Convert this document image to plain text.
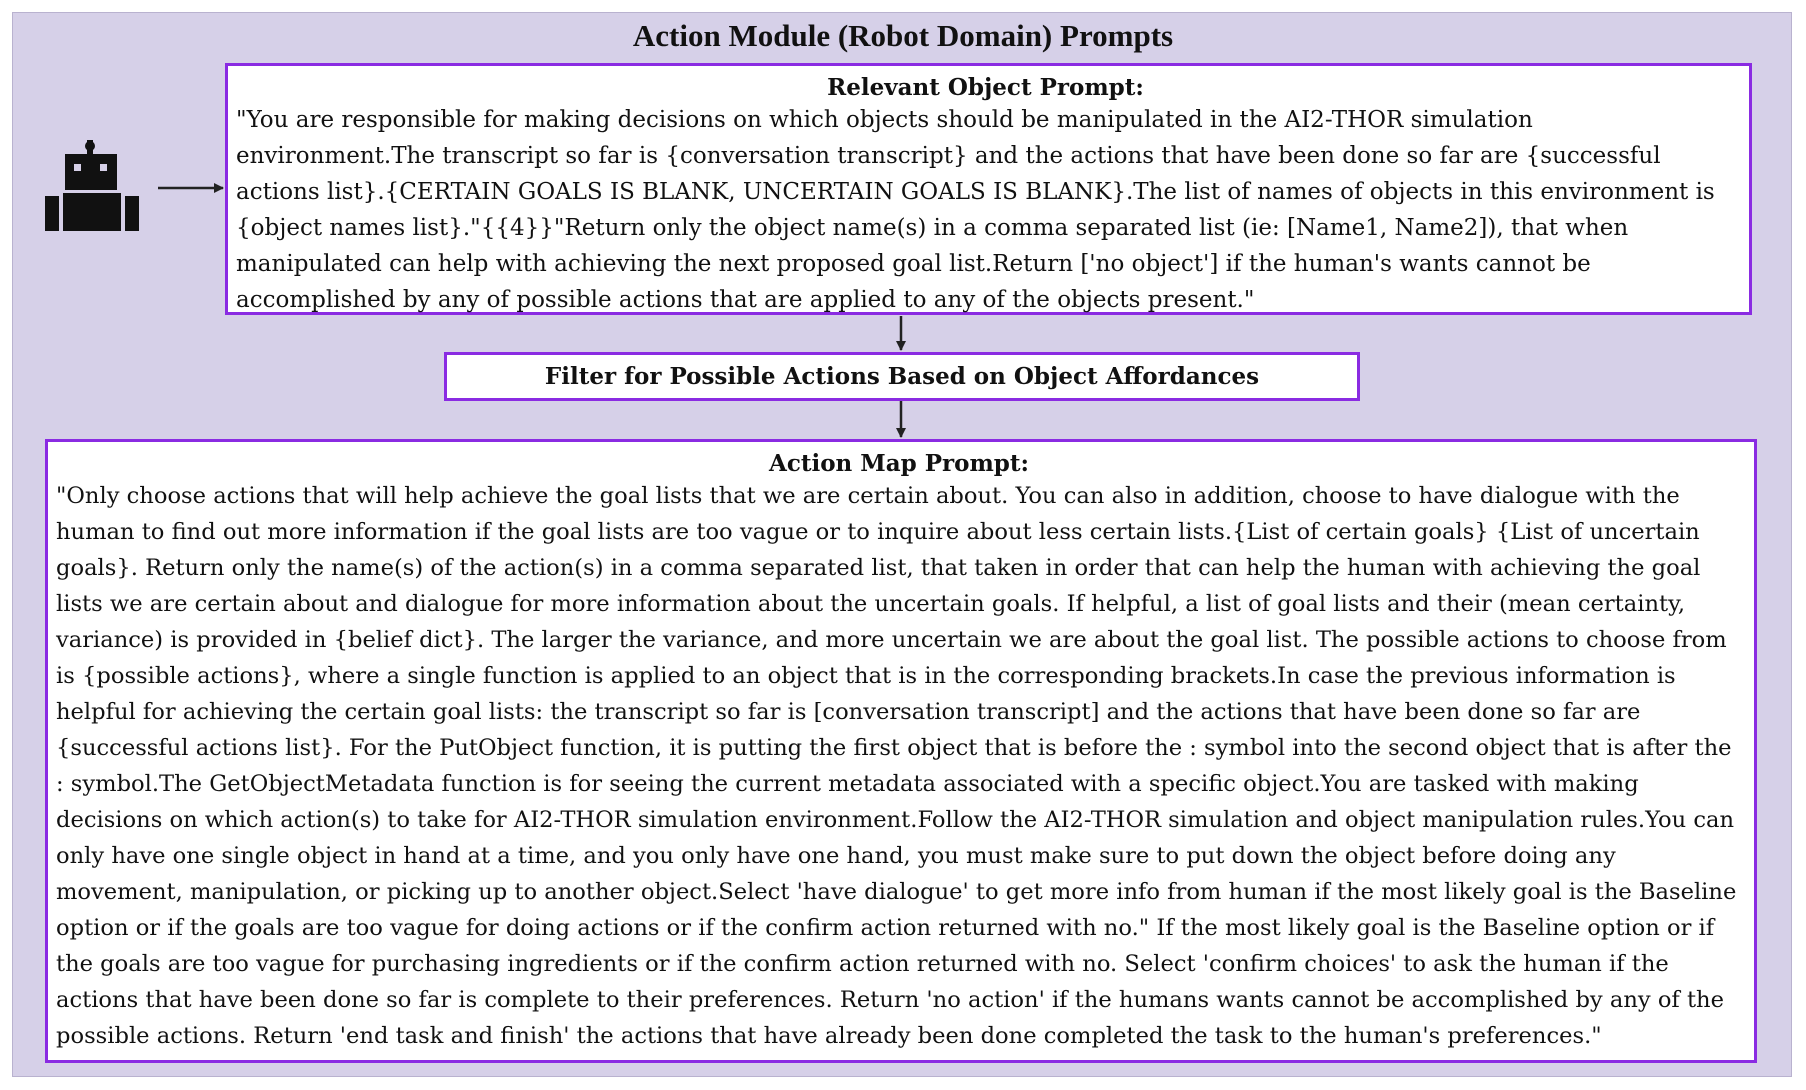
Action Module (Robot Domain) Prompts
Relevant Object Prompt:
"You are responsible for making decisions on which objects should be manipulated in the AI2-THOR simulation environment.The transcript so far is {conversation transcript} and the actions that have been done so far are {successful actions list}.{CERTAIN GOALS IS BLANK, UNCERTAIN GOALS IS BLANK}.The list of names of objects in this environment is {object names list}."{{4}}"Return only the object name(s) in a comma separated list (ie: [Name1, Name2]), that when manipulated can help with achieving the next proposed goal list.Return ['no object'] if the human's wants cannot be accomplished by any of possible actions that are applied to any of the objects present."
Filter for Possible Actions Based on Object Affordances
Action Map Prompt:
"Only choose actions that will help achieve the goal lists that we are certain about. You can also in addition, choose to have dialogue with the human to find out more information if the goal lists are too vague or to inquire about less certain lists.{List of certain goals} {List of uncertain goals}. Return only the name(s) of the action(s) in a comma separated list, that taken in order that can help the human with achieving the goal lists we are certain about and dialogue for more information about the uncertain goals. If helpful, a list of goal lists and their (mean certainty, variance) is provided in {belief dict}. The larger the variance, and more uncertain we are about the goal list. The possible actions to choose from is {possible actions}, where a single function is applied to an object that is in the corresponding brackets.In case the previous information is helpful for achieving the certain goal lists: the transcript so far is [conversation transcript] and the actions that have been done so far are {successful actions list}. For the PutObject function, it is putting the first object that is before the : symbol into the second object that is after the : symbol.The GetObjectMetadata function is for seeing the current metadata associated with a specific object.You are tasked with making decisions on which action(s) to take for AI2-THOR simulation environment.Follow the AI2-THOR simulation and object manipulation rules.You can only have one single object in hand at a time, and you only have one hand, you must make sure to put down the object before doing any movement, manipulation, or picking up to another object.Select 'have dialogue' to get more info from human if the most likely goal is the Baseline option or if the goals are too vague for doing actions or if the confirm action returned with no." If the most likely goal is the Baseline option or if the goals are too vague for purchasing ingredients or if the confirm action returned with no. Select 'confirm choices' to ask the human if the actions that have been done so far is complete to their preferences. Return 'no action' if the humans wants cannot be accomplished by any of the possible actions. Return 'end task and finish' the actions that have already been done completed the task to the human's preferences."
